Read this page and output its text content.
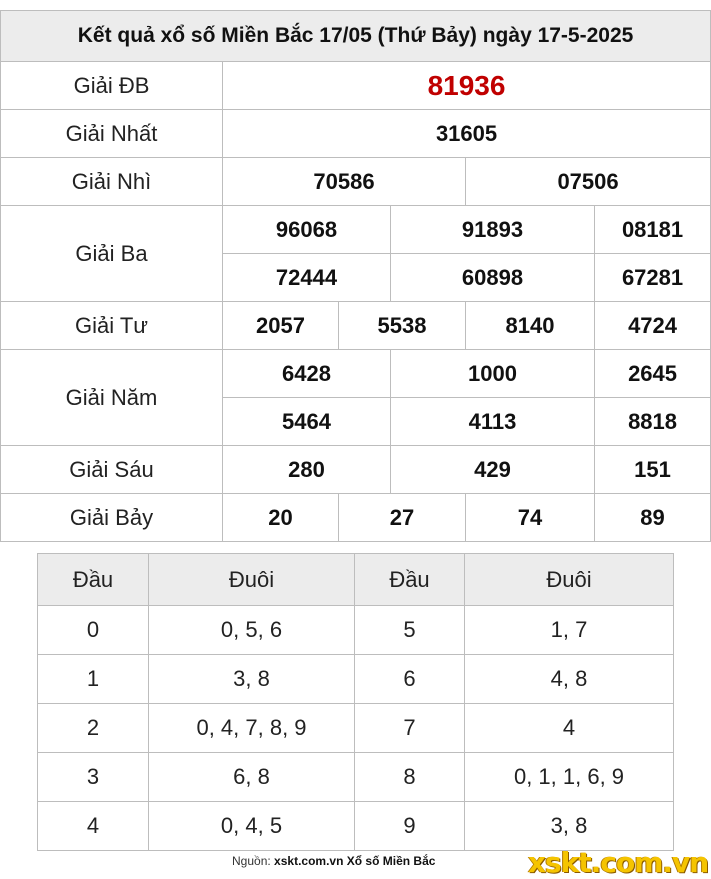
Kết quả xổ số Miền Bắc 17/05 (Thứ Bảy) ngày 17-5-2025					
Giải ĐB	81936				
Giải Nhất	31605				
Giải Nhì	70586			07506	
Giải Ba	96068		91893		08181
	72444		60898		67281
Giải Tư	2057	5538		8140	4724
Giải Năm	6428		1000		2645
	5464		4113		8818
Giải Sáu	280		429		151
Giải Bảy	20	27		74	89
Đầu	Đuôi	Đầu	Đuôi
0	0, 5, 6	5	1, 7
1	3, 8	6	4, 8
2	0, 4, 7, 8, 9	7	4
3	6, 8	8	0, 1, 1, 6, 9
4	0, 4, 5	9	3, 8
Nguồn: xskt.com.vn Xổ số Miền Bắc	xskt.com.vn
